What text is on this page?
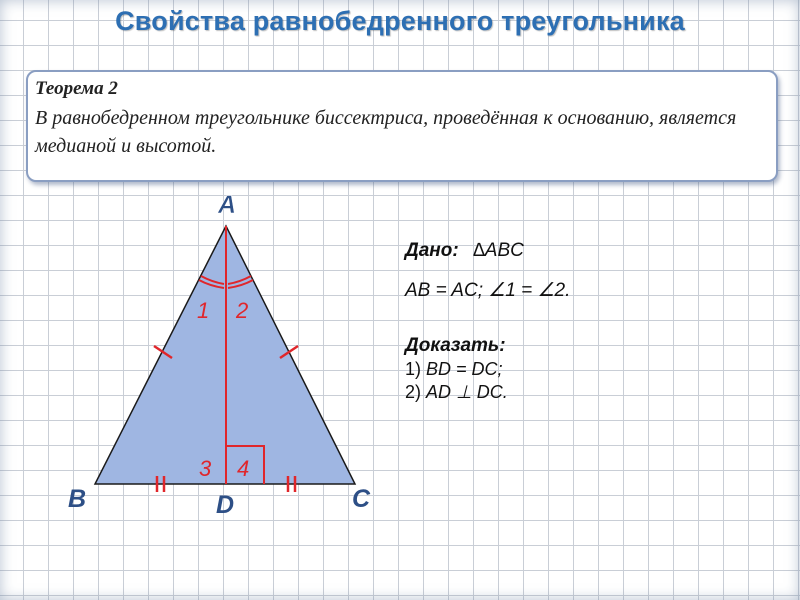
Свойства равнобедренного треугольника
Теорема 2
В равнобедренном треугольнике биссектриса, проведённая к основанию, является медианой и высотой.
1 2
3 4
A
B	C
D
Дано: ∆ABC
AB = AC; ∠1 = ∠2.
Доказать:
1) BD = DC;
2) AD ⊥ DC.
